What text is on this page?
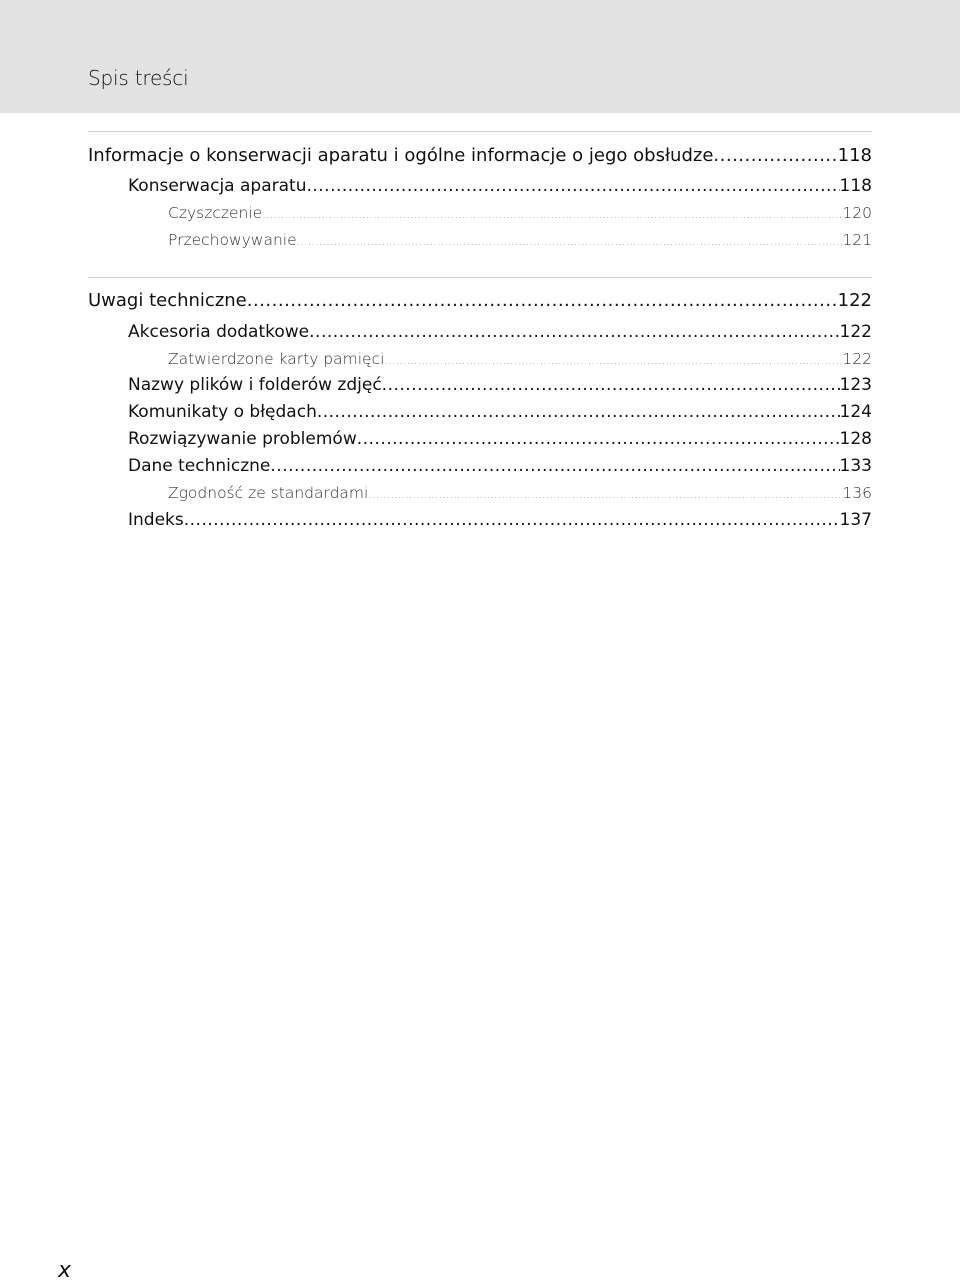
Spis treści
Informacje o konserwacji aparatu i ogólne informacje o jego obsłudze .....	118
Konserwacja aparatu .....	118
Czyszczenie .....	120
Przechowywanie .....	121
Uwagi techniczne .....	122
Akcesoria dodatkowe .....	122
Zatwierdzone karty pamięci .....	122
Nazwy plików i folderów zdjęć .....	123
Komunikaty o błędach .....	124
Rozwiązywanie problemów .....	128
Dane techniczne .....	133
Zgodność ze standardami .....	136
Indeks .....	137
x
